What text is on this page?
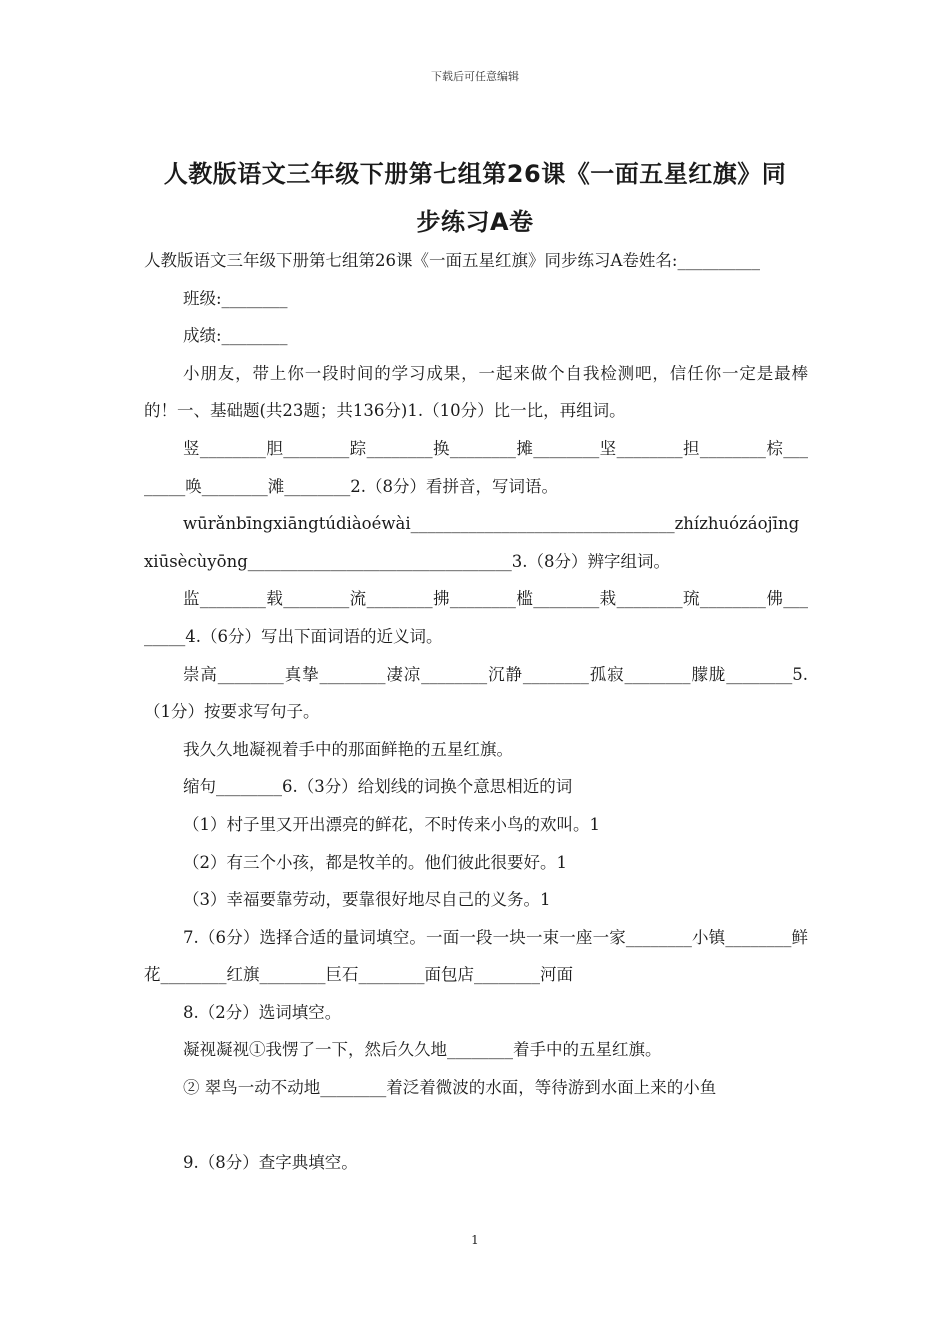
下载后可任意编辑
人教版语文三年级下册第七组第26课《一面五星红旗》同
步练习A卷

人教版语文三年级下册第七组第26课《一面五星红旗》同步练习A卷姓名:__________

班级:________

成绩:________

小朋友，带上你一段时间的学习成果，一起来做个自我检测吧，信任你一定是最棒的！一、基础题(共23题；共136分)1.（10分）比一比，再组词。

竖________胆________踪________换________摊________坚________担________棕________唤________滩________2.（8分）看拼音，写词语。

wūrǎnbīngxiāngtúdiàoéwài________________________________zhízhuózáojīngxiūsècùyōng________________________________3.（8分）辨字组词。

监________载________流________拂________槛________栽________琉________佛________4.（6分）写出下面词语的近义词。

崇高________真挚________凄凉________沉静________孤寂________朦胧________5.（1分）按要求写句子。

我久久地凝视着手中的那面鲜艳的五星红旗。

缩句________6.（3分）给划线的词换个意思相近的词

（1）村子里又开出漂亮的鲜花，不时传来小鸟的欢叫。1

（2）有三个小孩，都是牧羊的。他们彼此很要好。1

（3）幸福要靠劳动，要靠很好地尽自己的义务。1

7.（6分）选择合适的量词填空。一面一段一块一束一座一家________小镇________鲜花________红旗________巨石________面包店________河面

8.（2分）选词填空。

凝视凝视①我愣了一下，然后久久地________着手中的五星红旗。

② 翠鸟一动不动地________着泛着微波的水面，等待游到水面上来的小鱼

9.（8分）查字典填空。

1
